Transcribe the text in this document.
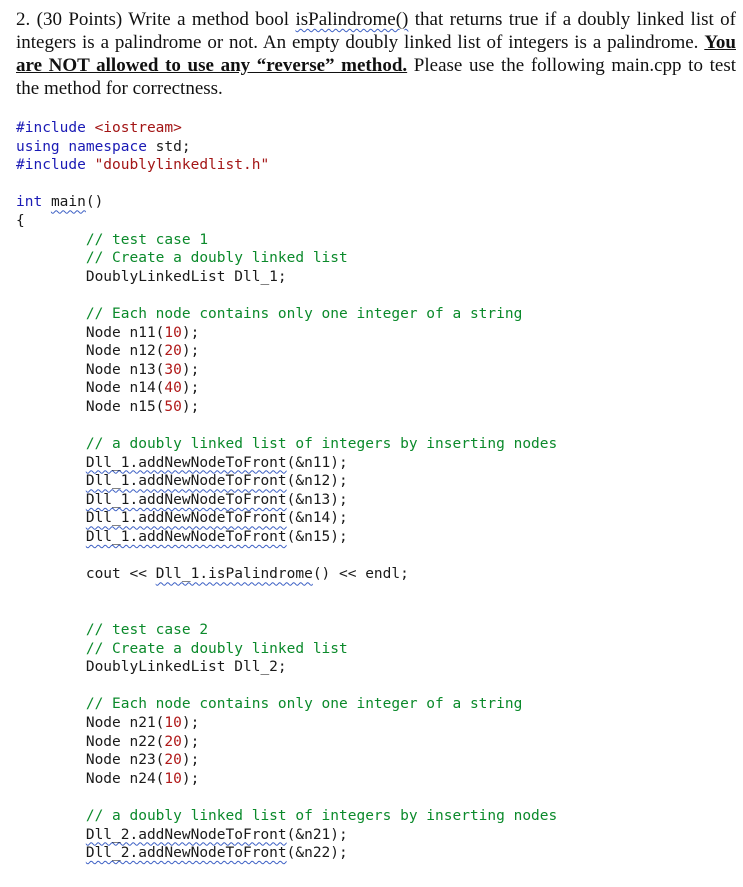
2. (30 Points) Write a method bool isPalindrome() that returns true if a doubly linked list of integers is a palindrome or not. An empty doubly linked list of integers is a palindrome. You are NOT allowed to use any “reverse” method. Please use the following main.cpp to test the method for correctness.

#include <iostream>
using namespace std;
#include "doublylinkedlist.h"

int main()
{
// test case 1
// Create a doubly linked list
DoublyLinkedList Dll_1;

// Each node contains only one integer of a string
Node n11(10);
Node n12(20);
Node n13(30);
Node n14(40);
Node n15(50);

// a doubly linked list of integers by inserting nodes
Dll_1.addNewNodeToFront(&n11);
Dll_1.addNewNodeToFront(&n12);
Dll_1.addNewNodeToFront(&n13);
Dll_1.addNewNodeToFront(&n14);
Dll_1.addNewNodeToFront(&n15);

cout << Dll_1.isPalindrome() << endl;

// test case 2
// Create a doubly linked list
DoublyLinkedList Dll_2;

// Each node contains only one integer of a string
Node n21(10);
Node n22(20);
Node n23(20);
Node n24(10);

// a doubly linked list of integers by inserting nodes
Dll_2.addNewNodeToFront(&n21);
Dll_2.addNewNodeToFront(&n22);
